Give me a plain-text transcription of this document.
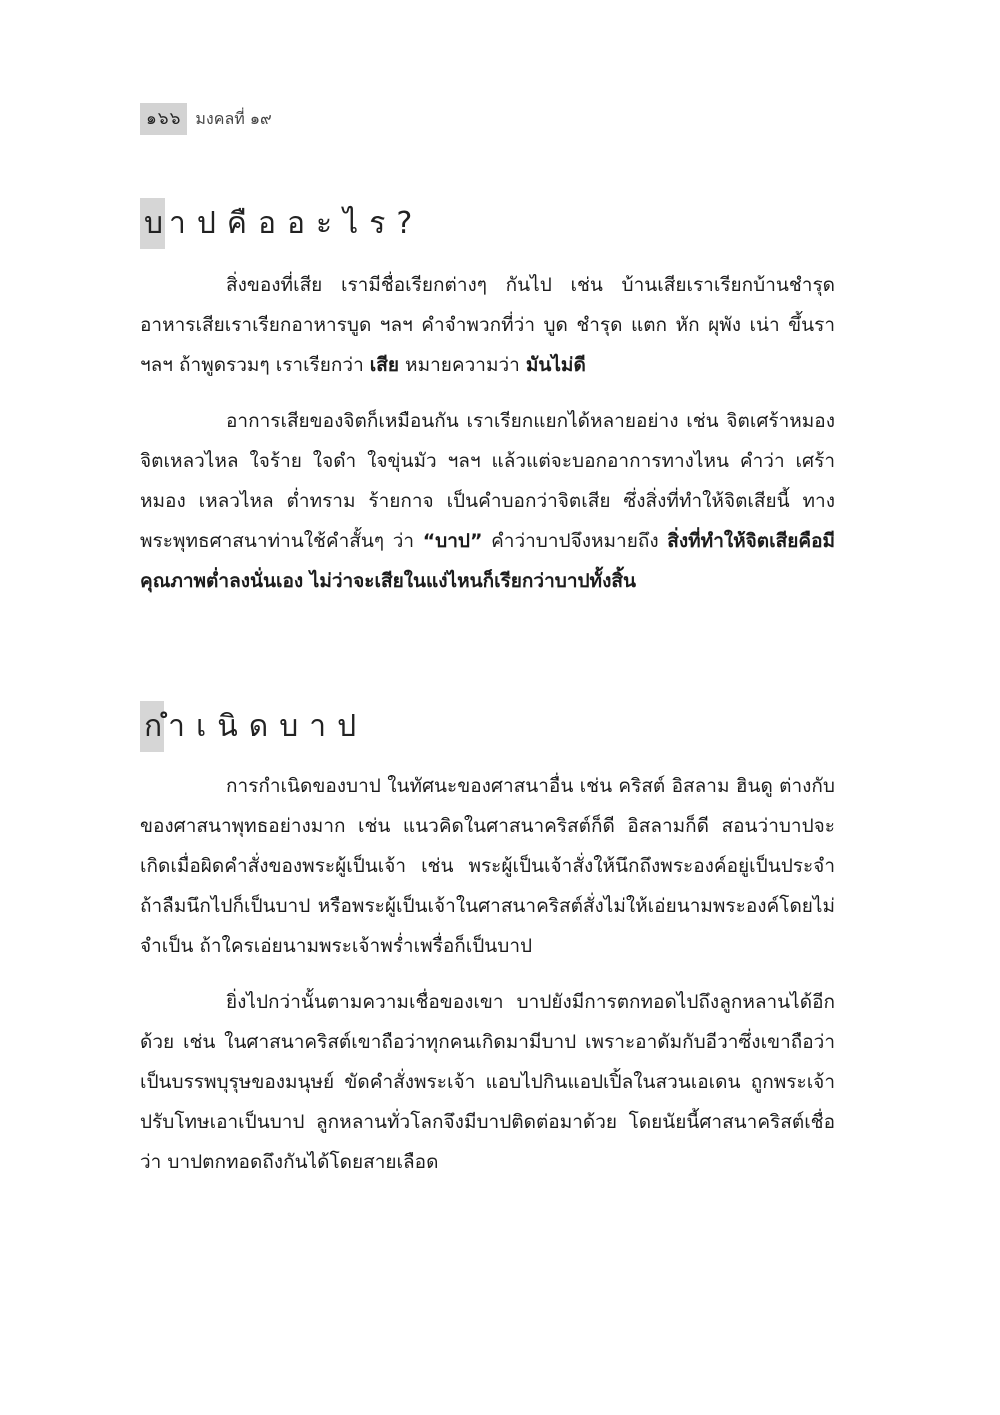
๑๖๖ มงคลที่ ๑๙
บ าปคืออะไร?

สิ่งของที่เสีย เรามีชื่อเรียกต่างๆ กันไป เช่น บ้านเสียเราเรียกบ้านชำรุด อาหารเสียเราเรียกอาหารบูด ฯลฯ คำจำพวกที่ว่า บูด ชำรุด แตก หัก ผุพัง เน่า ขึ้นรา ฯลฯ ถ้าพูดรวมๆ เราเรียกว่า เสีย หมายความว่า มันไม่ดี

อาการเสียของจิตก็เหมือนกัน เราเรียกแยกได้หลายอย่าง เช่น จิตเศร้าหมอง จิตเหลวไหล ใจร้าย ใจดำ ใจขุ่นมัว ฯลฯ แล้วแต่จะบอกอาการทางไหน คำว่า เศร้าหมอง เหลวไหล ต่ำทราม ร้ายกาจ เป็นคำบอกว่าจิตเสีย ซึ่งสิ่งที่ทำให้จิตเสียนี้ ทางพระพุทธศาสนาท่านใช้คำสั้นๆ ว่า “บาป” คำว่าบาปจึงหมายถึง สิ่งที่ทำให้จิตเสียคือมีคุณภาพต่ำลงนั่นเอง ไม่ว่าจะเสียในแง่ไหนก็เรียกว่าบาปทั้งสิ้น

ก ำเนิดบาป

การกำเนิดของบาป ในทัศนะของศาสนาอื่น เช่น คริสต์ อิสลาม ฮินดู ต่างกับของศาสนาพุทธอย่างมาก เช่น แนวคิดในศาสนาคริสต์ก็ดี อิสลามก็ดี สอนว่าบาปจะเกิดเมื่อผิดคำสั่งของพระผู้เป็นเจ้า เช่น พระผู้เป็นเจ้าสั่งให้นึกถึงพระองค์อยู่เป็นประจำ ถ้าลืมนึกไปก็เป็นบาป หรือพระผู้เป็นเจ้าในศาสนาคริสต์สั่งไม่ให้เอ่ยนามพระองค์โดยไม่จำเป็น ถ้าใครเอ่ยนามพระเจ้าพร่ำเพรื่อก็เป็นบาป

ยิ่งไปกว่านั้นตามความเชื่อของเขา บาปยังมีการตกทอดไปถึงลูกหลานได้อีกด้วย เช่น ในศาสนาคริสต์เขาถือว่าทุกคนเกิดมามีบาป เพราะอาดัมกับอีวาซึ่งเขาถือว่าเป็นบรรพบุรุษของมนุษย์ ขัดคำสั่งพระเจ้า แอบไปกินแอปเปิ้ลในสวนเอเดน ถูกพระเจ้าปรับโทษเอาเป็นบาป ลูกหลานทั่วโลกจึงมีบาปติดต่อมาด้วย โดยนัยนี้ศาสนาคริสต์เชื่อว่า บาปตกทอดถึงกันได้โดยสายเลือด
